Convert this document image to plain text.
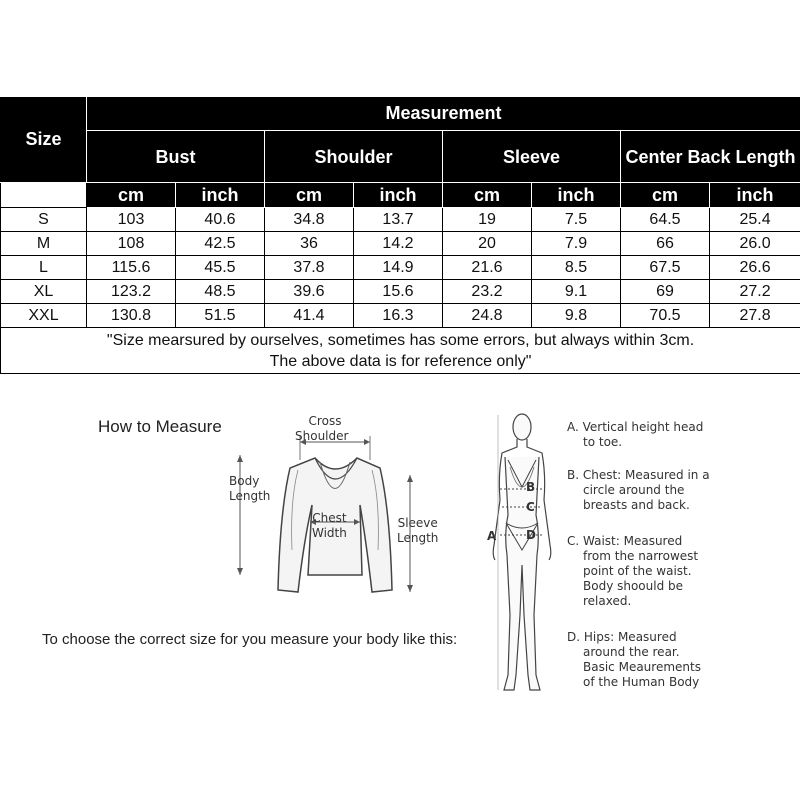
Size	Measurement							
	Bust		Shoulder		Sleeve		Center Back Length	
	cm	inch	cm	inch	cm	inch	cm	inch
S	103	40.6	34.8	13.7	19	7.5	64.5	25.4
M	108	42.5	36	14.2	20	7.9	66	26.0
L	115.6	45.5	37.8	14.9	21.6	8.5	67.5	26.6
XL	123.2	48.5	39.6	15.6	23.2	9.1	69	27.2
XXL	130.8	51.5	41.4	16.3	24.8	9.8	70.5	27.8

"Size mearsured by ourselves, sometimes has some errors, but always within 3cm.
The above data is for reference only"								
How to Measure	Cross
Shoulder
Body
Length
Chest
Width
Sleeve
Length
To choose the correct size for you measure your body like this:
A
B
C
D
A. Vertical height head
to toe.
B. Chest: Measured in a
circle around the
breasts and back.
C. Waist: Measured
from the narrowest
point of the waist.
Body shoould be
relaxed.
D. Hips: Measured
around the rear.
Basic Meaurements
of the Human Body
